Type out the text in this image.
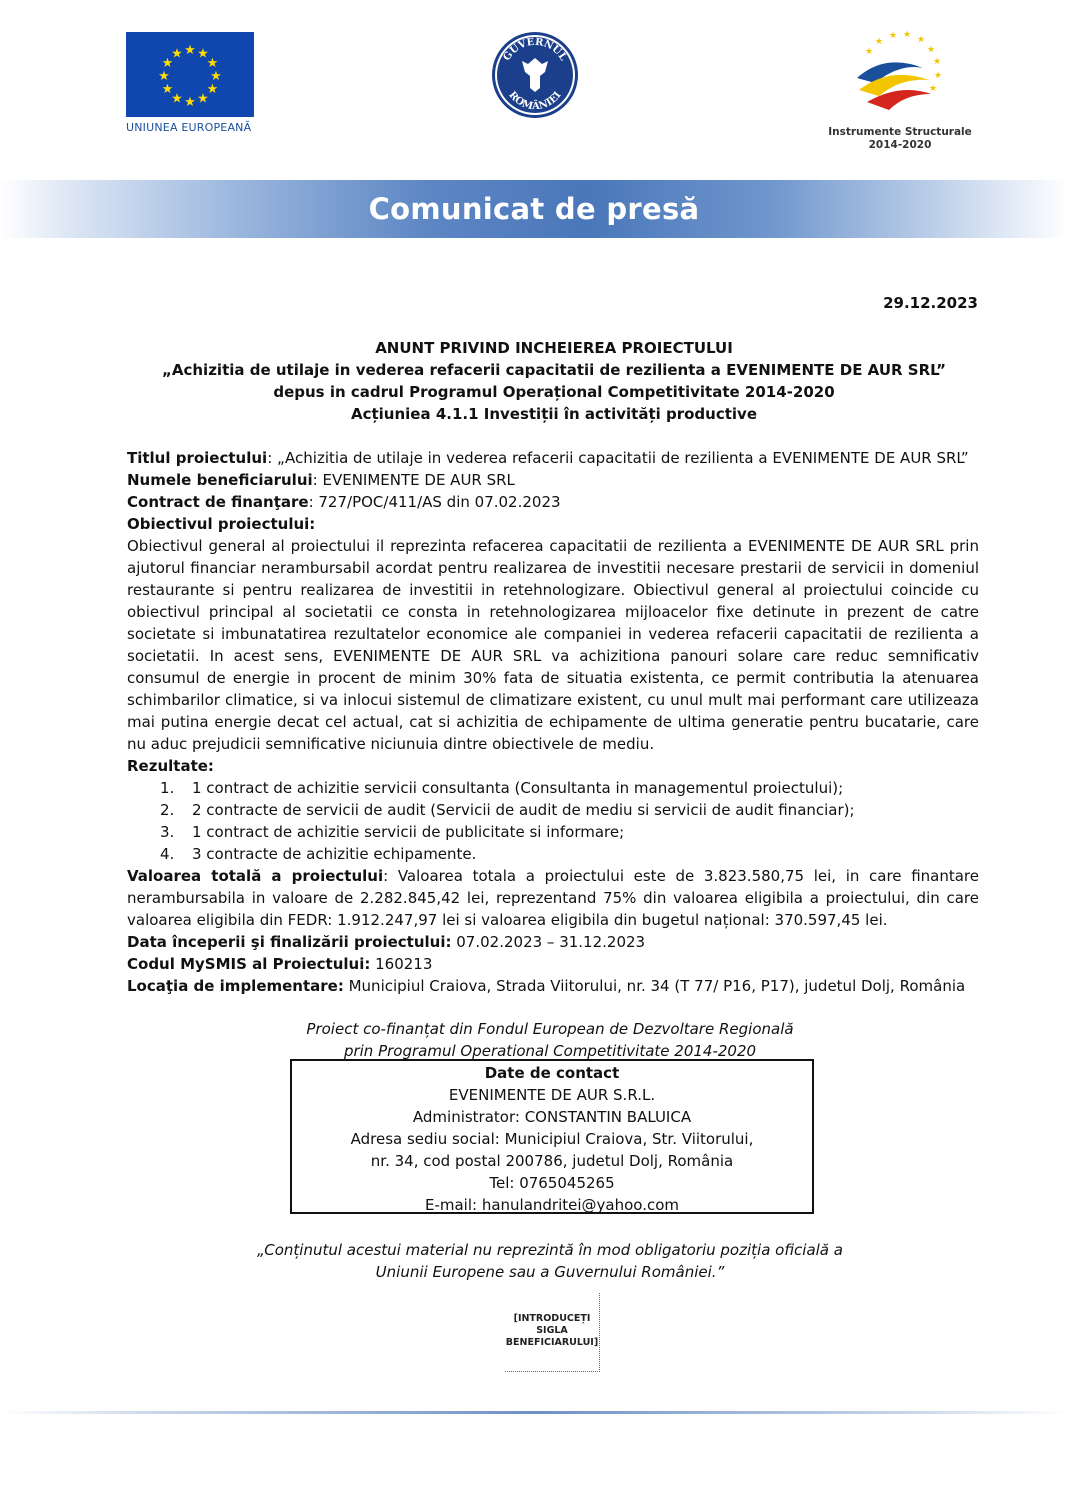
★ ★
★
★
★
★
★
★
★
★
★
★
UNIUNEA EUROPEANĂ
GUVERNUL
ROMÂNIEI
★
★ ★ ★
★
★
★
★
★
Instrumente Structurale
2014-2020
Comunicat de presă
29.12.2023
ANUNT PRIVIND INCHEIEREA PROIECTULUI
„Achizitia de utilaje in vederea refacerii capacitatii de rezilienta a EVENIMENTE DE AUR SRL”
depus in cadrul Programul Operațional Competitivitate 2014-2020
Acțiuniea 4.1.1 Investiții în activități productive
Titlul proiectului: „Achizitia de utilaje in vederea refacerii capacitatii de rezilienta a EVENIMENTE DE AUR SRL”
Numele beneficiarului: EVENIMENTE DE AUR SRL
Contract de finanţare: 727/POC/411/AS din 07.02.2023
Obiectivul proiectului:
Obiectivul general al proiectului il reprezinta refacerea capacitatii de rezilienta a EVENIMENTE DE AUR SRL prin ajutorul financiar nerambursabil acordat pentru realizarea de investitii necesare prestarii de servicii in domeniul restaurante si pentru realizarea de investitii in retehnologizare. Obiectivul general al proiectului coincide cu obiectivul principal al societatii ce consta in retehnologizarea mijloacelor fixe detinute in prezent de catre societate si imbunatatirea rezultatelor economice ale companiei in vederea refacerii capacitatii de rezilienta a societatii. In acest sens, EVENIMENTE DE AUR SRL va achizitiona panouri solare care reduc semnificativ consumul de energie in procent de minim 30% fata de situatia existenta, ce permit contributia la atenuarea schimbarilor climatice, si va inlocui sistemul de climatizare existent, cu unul mult mai performant care utilizeaza mai putina energie decat cel actual, cat si achizitia de echipamente de ultima generatie pentru bucatarie, care nu aduc prejudicii semnificative niciunuia dintre obiectivele de mediu.
Rezultate:
1. 1 contract de achizitie servicii consultanta (Consultanta in managementul proiectului);
2. 2 contracte de servicii de audit (Servicii de audit de mediu si servicii de audit financiar);
3. 1 contract de achizitie servicii de publicitate si informare;
4. 3 contracte de achizitie echipamente.
Valoarea totală a proiectului: Valoarea totala a proiectului este de 3.823.580,75 lei, in care finantare nerambursabila in valoare de 2.282.845,42 lei, reprezentand 75% din valoarea eligibila a proiectului, din care valoarea eligibila din FEDR: 1.912.247,97 lei si valoarea eligibila din bugetul național: 370.597,45 lei.
Data începerii şi finalizării proiectului: 07.02.2023 – 31.12.2023
Codul MySMIS al Proiectului: 160213
Locaţia de implementare: Municipiul Craiova, Strada Viitorului, nr. 34 (T 77/ P16, P17), judetul Dolj, România
Proiect co-finanțat din Fondul European de Dezvoltare Regională
prin Programul Operational Competitivitate 2014-2020
Date de contact
EVENIMENTE DE AUR S.R.L.
Administrator: CONSTANTIN BALUICA
Adresa sediu social: Municipiul Craiova, Str. Viitorului,
nr. 34, cod postal 200786, judetul Dolj, România
Tel: 0765045265
E-mail: hanulandritei@yahoo.com
„Conținutul acestui material nu reprezintă în mod obligatoriu poziția oficială a
Uniunii Europene sau a Guvernului României.”
[INTRODUCEȚI
SIGLA
BENEFICIARULUI]
